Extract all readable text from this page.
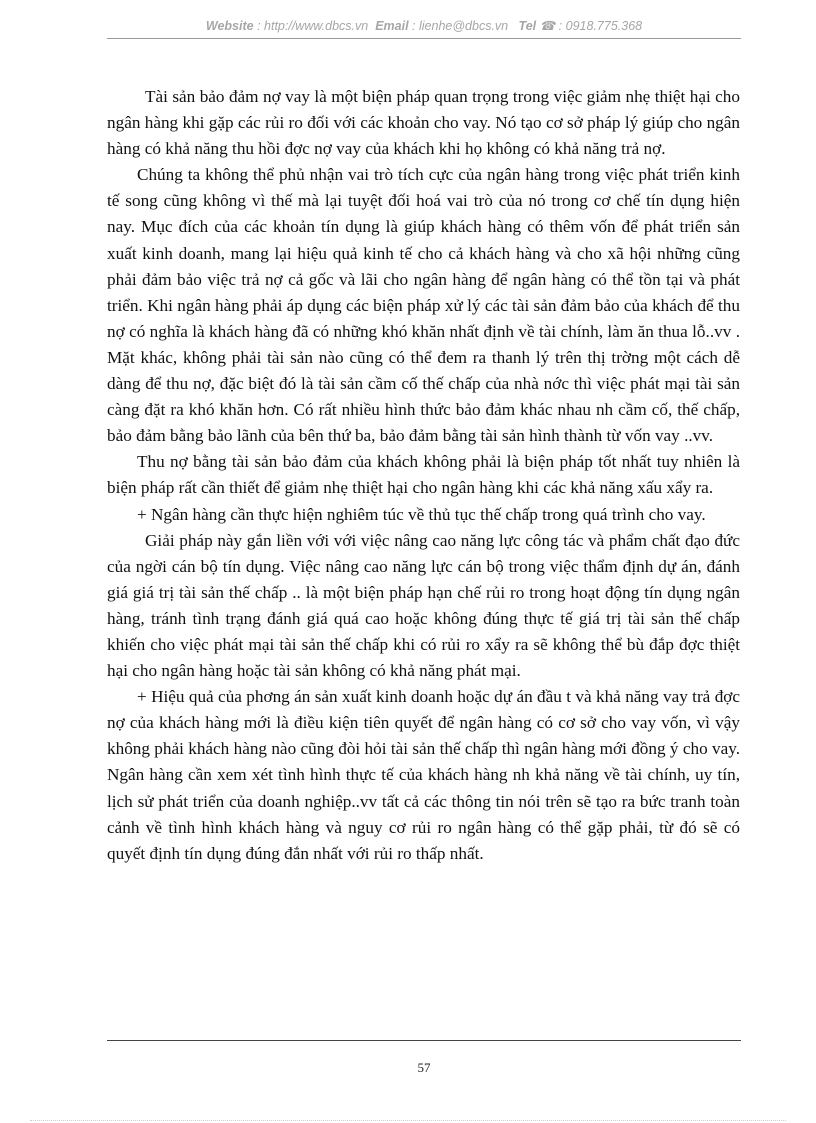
Website : http://www.dbcs.vn Email : lienhe@dbcs.vn Tel ☎ : 0918.775.368

Tài sản bảo đảm nợ vay là một biện pháp quan trọng trong việc giảm nhẹ thiệt hại cho ngân hàng khi gặp các rủi ro đối với các khoản cho vay. Nó tạo cơ sở pháp lý giúp cho ngân hàng có khả năng thu hồi đợc nợ vay của khách khi họ không có khả năng trả nợ.

Chúng ta không thể phủ nhận vai trò tích cực của ngân hàng trong việc phát triển kinh tế song cũng không vì thế mà lại tuyệt đối hoá vai trò của nó trong cơ chế tín dụng hiện nay. Mục đích của các khoản tín dụng là giúp khách hàng có thêm vốn để phát triển sản xuất kinh doanh, mang lại hiệu quả kinh tế cho cả khách hàng và cho xã hội những cũng phải đảm bảo việc trả nợ cả gốc và lãi cho ngân hàng để ngân hàng có thể tồn tại và phát triển. Khi ngân hàng phải áp dụng các biện pháp xử lý các tài sản đảm bảo của khách để thu nợ có nghĩa là khách hàng đã có những khó khăn nhất định về tài chính, làm ăn thua lỗ..vv . Mặt khác, không phải tài sản nào cũng có thể đem ra thanh lý trên thị trờng một cách dễ dàng để thu nợ, đặc biệt đó là tài sản cầm cố thế chấp của nhà nớc thì việc phát mại tài sản càng đặt ra khó khăn hơn. Có rất nhiều hình thức bảo đảm khác nhau nh cầm cố, thế chấp, bảo đảm bằng bảo lãnh của bên thứ ba, bảo đảm bằng tài sản hình thành từ vốn vay ..vv.

Thu nợ bằng tài sản bảo đảm của khách không phải là biện pháp tốt nhất tuy nhiên là biện pháp rất cần thiết để giảm nhẹ thiệt hại cho ngân hàng khi các khả năng xấu xẩy ra.

+ Ngân hàng cần thực hiện nghiêm túc về thủ tục thế chấp trong quá trình cho vay.

Giải pháp này gắn liền với với việc nâng cao năng lực công tác và phẩm chất đạo đức của ngời cán bộ tín dụng. Việc nâng cao năng lực cán bộ trong việc thẩm định dự án, đánh giá giá trị tài sản thế chấp .. là một biện pháp hạn chế rủi ro trong hoạt động tín dụng ngân hàng, tránh tình trạng đánh giá quá cao hoặc không đúng thực tế giá trị tài sản thế chấp khiến cho việc phát mại tài sản thế chấp khi có rủi ro xẩy ra sẽ không thể bù đắp đợc thiệt hại cho ngân hàng hoặc tài sản không có khả năng phát mại.

+ Hiệu quả của phơng án sản xuất kinh doanh hoặc dự án đầu t và khả năng vay trả đợc nợ của khách hàng mới là điều kiện tiên quyết để ngân hàng có cơ sở cho vay vốn, vì vậy không phải khách hàng nào cũng đòi hỏi tài sản thế chấp thì ngân hàng mới đồng ý cho vay. Ngân hàng cần xem xét tình hình thực tế của khách hàng nh khả năng về tài chính, uy tín, lịch sử phát triển của doanh nghiệp..vv tất cả các thông tin nói trên sẽ tạo ra bức tranh toàn cảnh về tình hình khách hàng và nguy cơ rủi ro ngân hàng có thể gặp phải, từ đó sẽ có quyết định tín dụng đúng đắn nhất với rủi ro thấp nhất.

57
